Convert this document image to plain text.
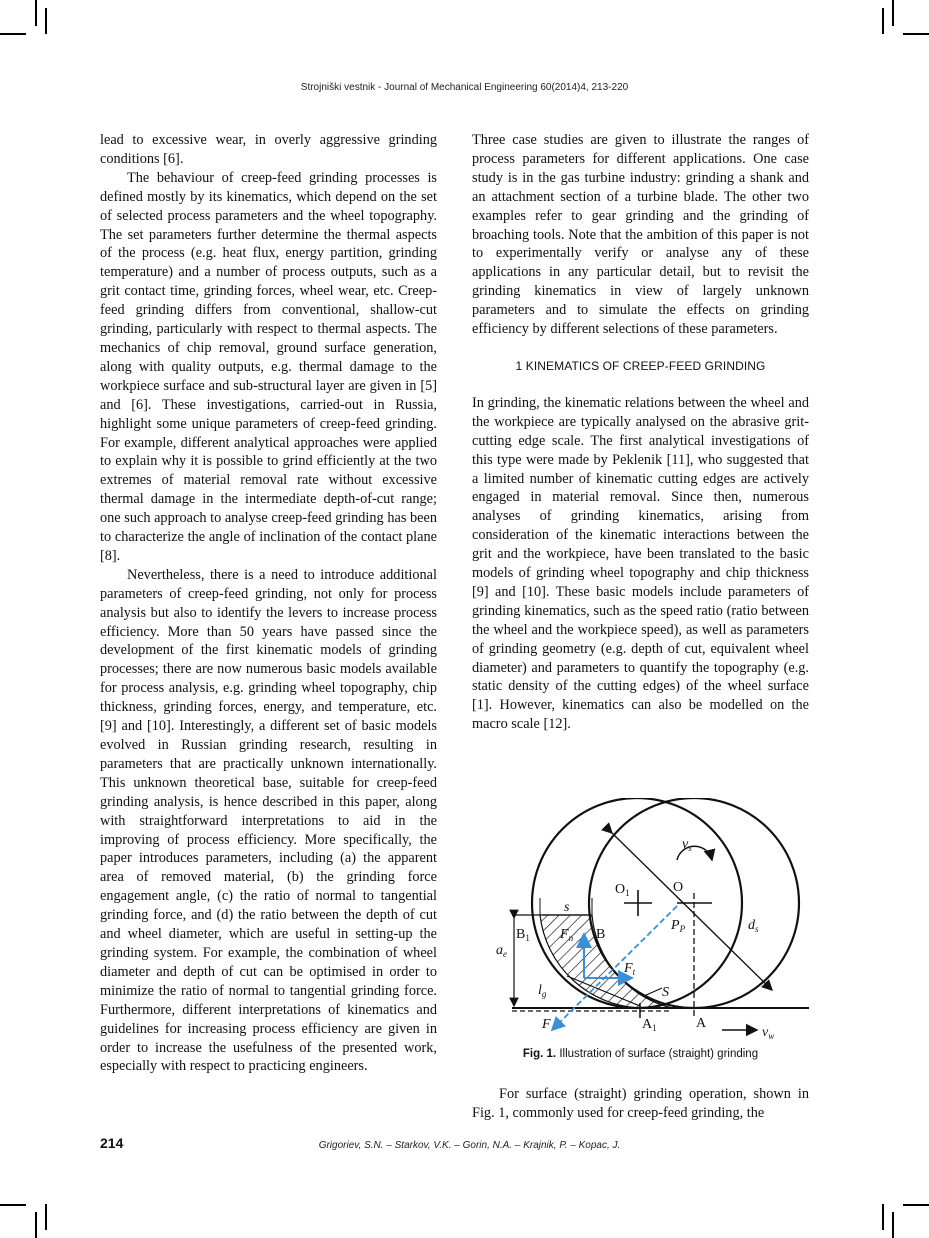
Strojniški vestnik - Journal of Mechanical Engineering 60(2014)4, 213-220

lead to excessive wear, in overly aggressive grinding conditions [6].

The behaviour of creep-feed grinding processes is defined mostly by its kinematics, which depend on the set of selected process parameters and the wheel topography. The set parameters further determine the thermal aspects of the process (e.g. heat flux, energy partition, grinding temperature) and a number of process outputs, such as a grit contact time, grinding forces, wheel wear, etc. Creep-feed grinding differs from conventional, shallow-cut grinding, particularly with respect to thermal aspects. The mechanics of chip removal, ground surface generation, along with quality outputs, e.g. thermal damage to the workpiece surface and sub-structural layer are given in [5] and [6]. These investigations, carried-out in Russia, highlight some unique parameters of creep-feed grinding. For example, different analytical approaches were applied to explain why it is possible to grind efficiently at the two extremes of material removal rate without excessive thermal damage in the intermediate depth-of-cut range; one such approach to analyse creep-feed grinding has been to characterize the angle of inclination of the contact plane [8].

Nevertheless, there is a need to introduce additional parameters of creep-feed grinding, not only for process analysis but also to identify the levers to increase process efficiency. More than 50 years have passed since the development of the first kinematic models of grinding processes; there are now numerous basic models available for process analysis, e.g. grinding wheel topography, chip thickness, grinding forces, energy, and temperature, etc. [9] and [10]. Interestingly, a different set of basic models evolved in Russian grinding research, resulting in parameters that are practically unknown internationally. This unknown theoretical base, suitable for creep-feed grinding analysis, is hence described in this paper, along with straightforward interpretations to aid in the improving of process efficiency. More specifically, the paper introduces parameters, including (a) the apparent area of removed material, (b) the grinding force engagement angle, (c) the ratio of normal to tangential grinding force, and (d) the ratio between the depth of cut and wheel diameter, which are useful in setting-up the grinding system. For example, the combination of wheel diameter and depth of cut can be optimised in order to minimize the ratio of normal to tangential grinding force. Furthermore, different interpretations of kinematics and guidelines for increasing process efficiency are given in order to increase the usefulness of the presented work, especially with respect to practicing engineers.

Three case studies are given to illustrate the ranges of process parameters for different applications. One case study is in the gas turbine industry: grinding a shank and an attachment section of a turbine blade. The other two examples refer to gear grinding and the grinding of broaching tools. Note that the ambition of this paper is not to experimentally verify or analyse any of these applications in any particular detail, but to revisit the grinding kinematics in view of largely unknown parameters and to simulate the effects on grinding efficiency by different selections of these parameters.

1 KINEMATICS OF CREEP-FEED GRINDING

In grinding, the kinematic relations between the wheel and the workpiece are typically analysed on the abrasive grit-cutting edge scale. The first analytical investigations of this type were made by Peklenik [11], who suggested that a limited number of kinematic cutting edges are actively engaged in material removal. Since then, numerous analyses of grinding kinematics, arising from consideration of the kinematic interactions between the grit and the workpiece, have been translated to the basic models of grinding wheel topography and chip thickness [9] and [10]. These basic models include parameters of grinding kinematics, such as the speed ratio (ratio between the wheel and the workpiece speed), as well as parameters of grinding geometry (e.g. depth of cut, equivalent wheel diameter) and parameters to quantify the topography (e.g. static density of the cutting edges) of the wheel surface [1]. However, kinematics can also be modelled on the macro scale [12].

$v_s$
$O_1$	O
s
$d_s$
$P_P$
$B_1$ $F_n$ B
$F_t$
$a_e$
$l_g$	S
F	$A_1$	A
$v_w$
Fig. 1. Illustration of surface (straight) grinding

For surface (straight) grinding operation, shown in Fig. 1, commonly used for creep-feed grinding, the

214	Grigoriev, S.N. – Starkov, V.K. – Gorin, N.A. – Krajnik, P. – Kopac, J.
